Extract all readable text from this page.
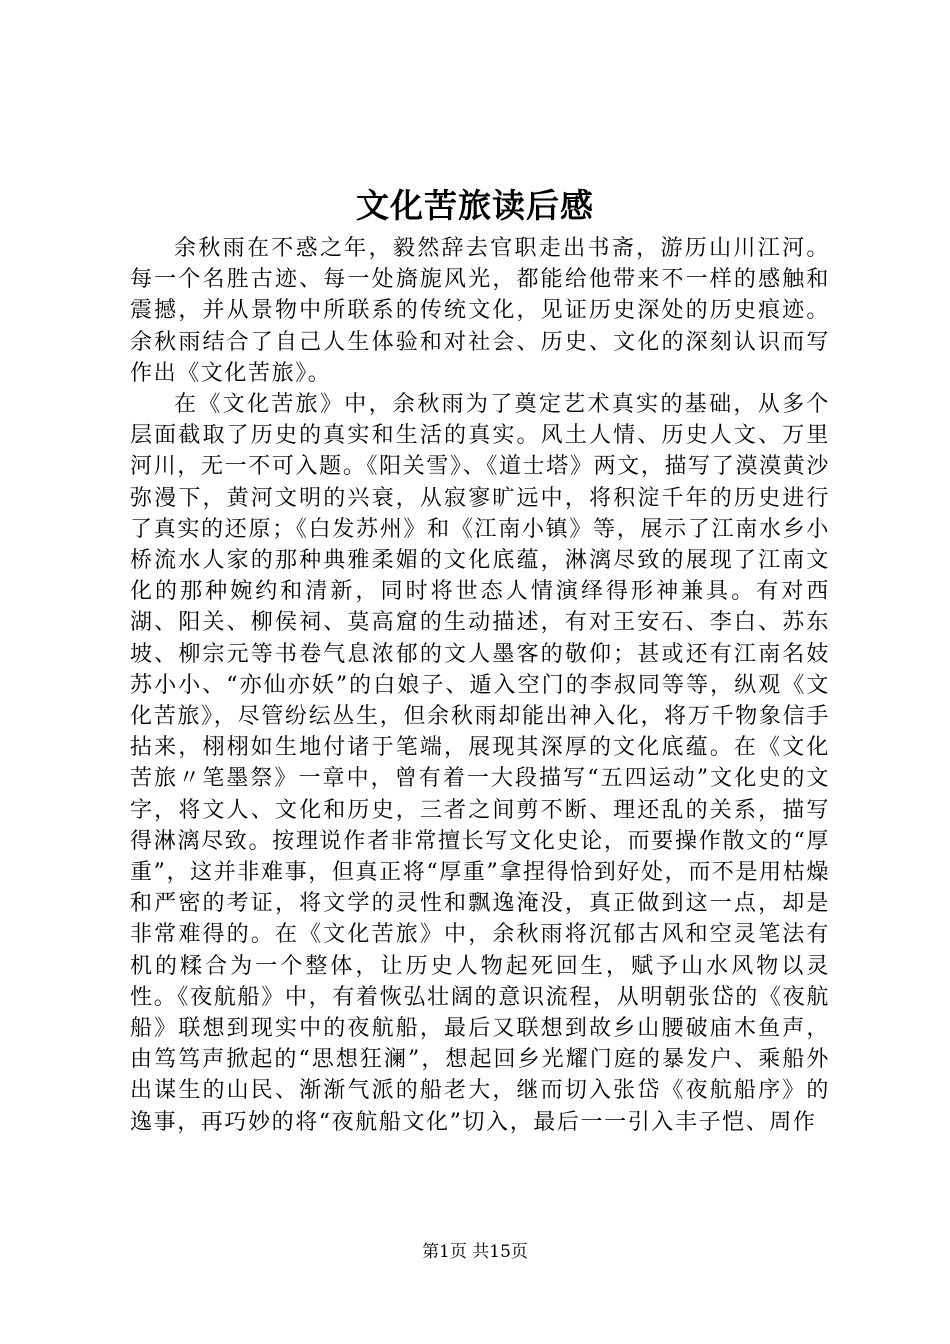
文化苦旅读后感

余秋雨在不惑之年，毅然辞去官职走出书斋，游历山川江河。每一个名胜古迹、每一处旖旎风光，都能给他带来不一样的感触和震撼，并从景物中所联系的传统文化，见证历史深处的历史痕迹。余秋雨结合了自己人生体验和对社会、历史、文化的深刻认识而写作出《文化苦旅》。

在《文化苦旅》中，余秋雨为了奠定艺术真实的基础，从多个层面截取了历史的真实和生活的真实。风土人情、历史人文、万里河川，无一不可入题。《阳关雪》、《道士塔》两文，描写了漠漠黄沙弥漫下，黄河文明的兴衰，从寂寥旷远中，将积淀千年的历史进行了真实的还原；《白发苏州》和《江南小镇》等，展示了江南水乡小桥流水人家的那种典雅柔媚的文化底蕴，淋漓尽致的展现了江南文化的那种婉约和清新，同时将世态人情演绎得形神兼具。有对西湖、阳关、柳侯祠、莫高窟的生动描述，有对王安石、李白、苏东坡、柳宗元等书卷气息浓郁的文人墨客的敬仰；甚或还有江南名妓苏小小、“亦仙亦妖”的白娘子、遁入空门的李叔同等等，纵观《文化苦旅》，尽管纷纭丛生，但余秋雨却能出神入化，将万千物象信手拈来，栩栩如生地付诸于笔端，展现其深厚的文化底蕴。在《文化苦旅〃笔墨祭》一章中，曾有着一大段描写“五四运动”文化史的文字，将文人、文化和历史，三者之间剪不断、理还乱的关系，描写得淋漓尽致。按理说作者非常擅长写文化史论，而要操作散文的“厚重”，这并非难事，但真正将“厚重”拿捏得恰到好处，而不是用枯燥和严密的考证，将文学的灵性和飘逸淹没，真正做到这一点，却是非常难得的。在《文化苦旅》中，余秋雨将沉郁古风和空灵笔法有机的糅合为一个整体，让历史人物起死回生，赋予山水风物以灵性。《夜航船》中，有着恢弘壮阔的意识流程，从明朝张岱的《夜航船》联想到现实中的夜航船，最后又联想到故乡山腰破庙木鱼声，由笃笃声掀起的“思想狂澜”，想起回乡光耀门庭的暴发户、乘船外出谋生的山民、渐渐气派的船老大，继而切入张岱《夜航船序》的逸事，再巧妙的将“夜航船文化”切入，最后一一引入丰子恺、周作

第1页 共15页
